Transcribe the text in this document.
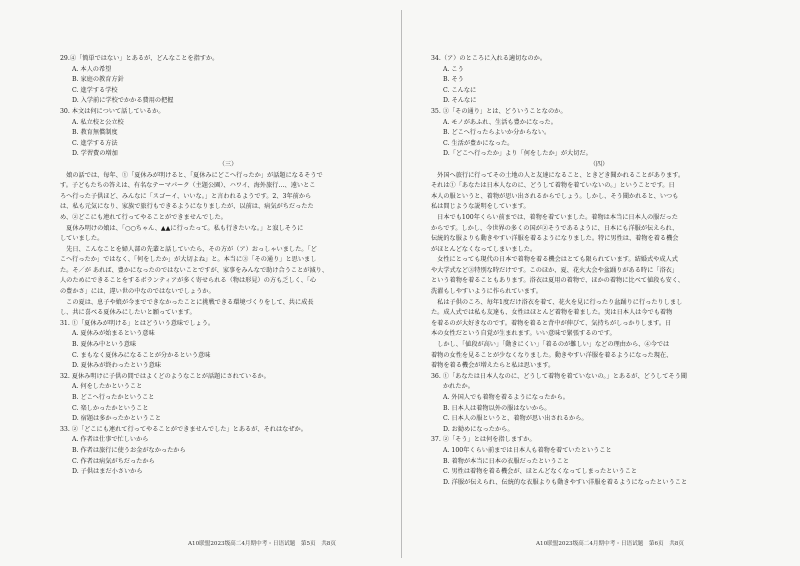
29.④「簡単ではない」とあるが、どんなことを指すか。
A. 本人の希望
B. 家庭の教育方針
C. 進学する学校
D. 入学前に学校でかかる費用の把握
30. 本文は何について話しているか。
A. 私立校と公立校
B. 教育無償制度
C. 進学する方法
D. 学習費の増加
（三）
　娘の話では、毎年、①「夏休みが明けると、「夏休みにどこへ行ったか」が話題になるそうで
す。子どもたちの答えは、有名なテーマパーク（主題公園）、ハワイ、海外旅行…、遠いとこ
ろへ行った子供ほど、みんなに「スゴーイ、いいな。」と言われるようです。2、3年前から
は、私も元気になり、家族で旅行もできるようになりましたが、以前は、病気がちだったた
め、②どこにも連れて行ってやることができませんでした。
　夏休み明けの娘は、「○○ちゃん、▲▲に行ったって。私も行きたいな。」と寂しそうに
していました。
　先日、こんなことを婦人部の先輩と話していたら、その方が（ア）おっしゃいました。「ど
こへ行ったか」ではなく、「何をしたか」が大切よね」と。本当に③「その通り」と思いまし
た。そ／が あれば、豊かになったのではないことですが、家事をみんなで助け合うことが減り、
人のためにできることをするボランティアが多く寄せられる（物は形見）の方も乏しく、「心
の豊かさ」には、違い世の中なのではないでしょうか。
　この夏は、息子や娘が今までできなかったことに挑戦できる環境づくりをして、共に成長
し、共に喜べる夏休みにしたいと願っています。
31. ①「夏休みが明ける」とはどういう意味でしょう。
A. 夏休みが始まるという意味
B. 夏休み中という意味
C. まもなく夏休みになることが分かるという意味
D. 夏休みが終わったという意味
32. 夏休み明けに子供の間ではよくどのようなことが話題にされているか。
A. 何をしたかということ
B. どこへ行ったかということ
C. 楽しかったかということ
D. 宿題は多かったかということ
33. ②「どこにも連れて行ってやることができませんでした」とあるが、それはなぜか。
A. 作者は仕事で忙しいから
B. 作者は旅行に使うお金がなかったから
C. 作者は病気がちだったから
D. 子供はまだ小さいから
34.（ア）のところに入れる適切なのか。
A. こう
B. そう
C. こんなに
D. そんなに
35. ③「その通り」とは、どういうことなのか。
A. モノがあふれ、生活も豊かになった。
B. どこへ行ったらよいか分からない。
C. 生活が豊かになった。
D.「どこへ行ったか」より「何をしたか」が大切だ。
（四）
　外国へ旅行に行ってその土地の人と友達になること、ときどき聞かれることがあります。
それは①「あなたは日本人なのに、どうして着物を着ていないの。」ということです。日
本人の服というと、着物が思い出されるからでしょう。しかし、そう聞かれると、いつも
私は間じような説明をしています。
　日本でも100年くらい前までは、着物を着ていました。着物は本当に日本人の服だった
からです。しかし、今世界の多くの国が②そうであるように、日本にも洋服が伝えられ、
伝統的な服よりも動きやすい洋服を着るようになりました。特に男性は、着物を着る機会
がほとんどなくなってしまいました。
　女性にとっても現代の日本で着物を着る機会はとても限られています。結婚式や成人式
や大学式など③特別な時だけです。このほか、夏、花火大会や盆踊りがある時に「浴衣」
という着物を着ることもあります。浴衣は夏用の着物で、ほかの着物に比べて値段も安く、
洗濯もしやすいように作られています。
　私は子供のころ、毎年1度だけ浴衣を着て、花火を見に行ったり盆踊りに行ったりしまし
た。成人式では私も友達も、女性はほとんど着物を着ました。実は日本人は今でも着物
を着るのが大好きなのです。着物を着ると背中が伸びて、気持ちがしっかりします。日
本の女性だという自覚が生まれます。いい意味で緊張するのです。
　しかし、「値段が高い」「動きにくい」「着るのが難しい」などの理由から、④今では
着物の女性を見ることが少なくなりました。動きやすい洋服を着るようになった現在、
着物を着る機会が増えたらと私は思います。
36. ①「あなたは日本人なのに、どうして着物を着ていないの。」とあるが、どうしてそう聞
かれたか。
A. 外国人でも着物を着るようになったから。
B. 日本人は着物以外の服はないから。
C. 日本人の服というと、着物が思い出されるから。
D. お勧めになったから。
37. ②「そう」とは何を指しますか。
A. 100年くらい前までは日本人も着物を着ていたということ
B. 着物が本当に日本の衣服だったということ
C. 男性は着物を着る機会が、ほとんどなくなってしまったということ
D. 洋服が伝えられ、伝統的な衣服よりも動きやすい洋服を着るようになったということ
A10联盟2023级高二4月期中考・日语试题　第5页　共8页	A10联盟2023级高二4月期中考・日语试题　第6页　共8页
